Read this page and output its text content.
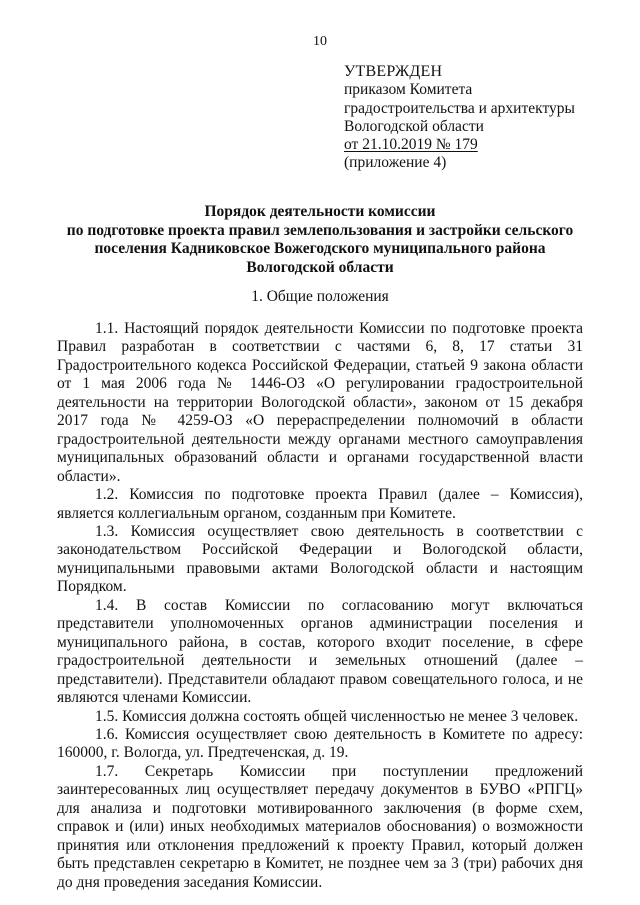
10
УТВЕРЖДЕН
приказом Комитета
градостроительства и архитектуры
Вологодской области
от 21.10.2019 № 179
(приложение 4)
Порядок деятельности комиссии
по подготовке проекта правил землепользования и застройки сельского
поселения Кадниковское Вожегодского муниципального района
Вологодской области
1. Общие положения

1.1. Настоящий порядок деятельности Комиссии по подготовке проекта Правил разработан в соответствии с частями 6, 8, 17 статьи 31 Градостроительного кодекса Российской Федерации, статьей 9 закона области от 1 мая 2006 года № 1446-ОЗ «О регулировании градостроительной деятельности на территории Вологодской области», законом от 15 декабря 2017 года № 4259-ОЗ «О перераспределении полномочий в области градостроительной деятельности между органами местного самоуправления муниципальных образований области и органами государственной власти области».

1.2. Комиссия по подготовке проекта Правил (далее – Комиссия), является коллегиальным органом, созданным при Комитете.

1.3. Комиссия осуществляет свою деятельность в соответствии с законодательством Российской Федерации и Вологодской области, муниципальными правовыми актами Вологодской области и настоящим Порядком.

1.4. В состав Комиссии по согласованию могут включаться представители уполномоченных органов администрации поселения и муниципального района, в состав, которого входит поселение, в сфере градостроительной деятельности и земельных отношений (далее – представители). Представители обладают правом совещательного голоса, и не являются членами Комиссии.

1.5. Комиссия должна состоять общей численностью не менее 3 человек.

1.6. Комиссия осуществляет свою деятельность в Комитете по адресу: 160000, г. Вологда, ул. Предтеченская, д. 19.

1.7. Секретарь Комиссии при поступлении предложений заинтересованных лиц осуществляет передачу документов в БУВО «РПГЦ» для анализа и подготовки мотивированного заключения (в форме схем, справок и (или) иных необходимых материалов обоснования) о возможности принятия или отклонения предложений к проекту Правил, который должен быть представлен секретарю в Комитет, не позднее чем за 3 (три) рабочих дня до дня проведения заседания Комиссии.
